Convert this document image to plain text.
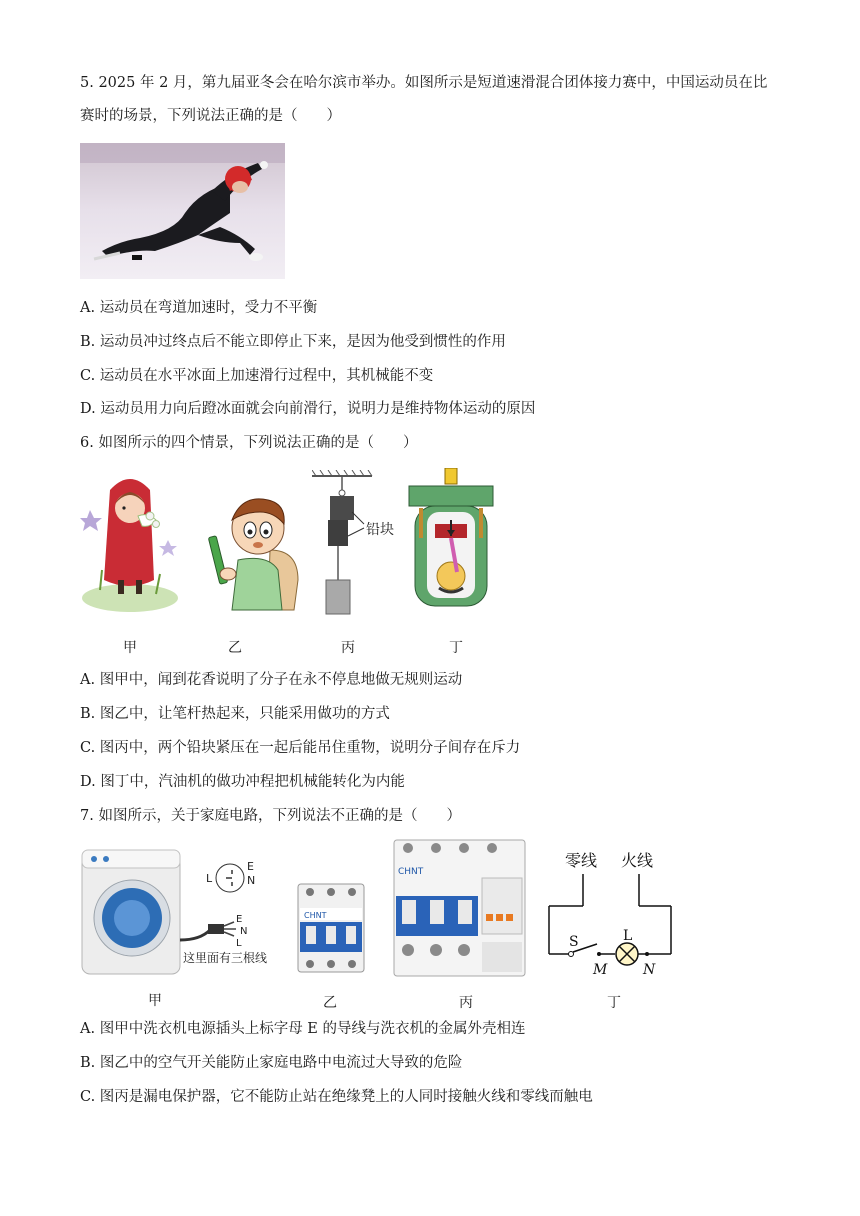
5. 2025 年 2 月，第九届亚冬会在哈尔滨市举办。如图所示是短道速滑混合团体接力赛中，中国运动员在比
赛时的场景，下列说法正确的是（　　）
A. 运动员在弯道加速时，受力不平衡
B. 运动员冲过终点后不能立即停止下来，是因为他受到惯性的作用
C. 运动员在水平冰面上加速滑行过程中，其机械能不变
D. 运动员用力向后蹬冰面就会向前滑行，说明力是维持物体运动的原因
6. 如图所示的四个情景，下列说法正确的是（　　）
铅块
甲	乙	丙	丁
A. 图甲中，闻到花香说明了分子在永不停息地做无规则运动
B. 图乙中，让笔杆热起来，只能采用做功的方式
C. 图丙中，两个铅块紧压在一起后能吊住重物，说明分子间存在斥力
D. 图丁中，汽油机的做功冲程把机械能转化为内能
7. 如图所示，关于家庭电路，下列说法不正确的是（　　）
E
N
L
E
N
L
这里面有三根线
CHNT
CHNT
零线 火线
S	L
M	N
甲	乙	丙	丁
A. 图甲中洗衣机电源插头上标字母 E 的导线与洗衣机的金属外壳相连
B. 图乙中的空气开关能防止家庭电路中电流过大导致的危险
C. 图丙是漏电保护器，它不能防止站在绝缘凳上的人同时接触火线和零线而触电
